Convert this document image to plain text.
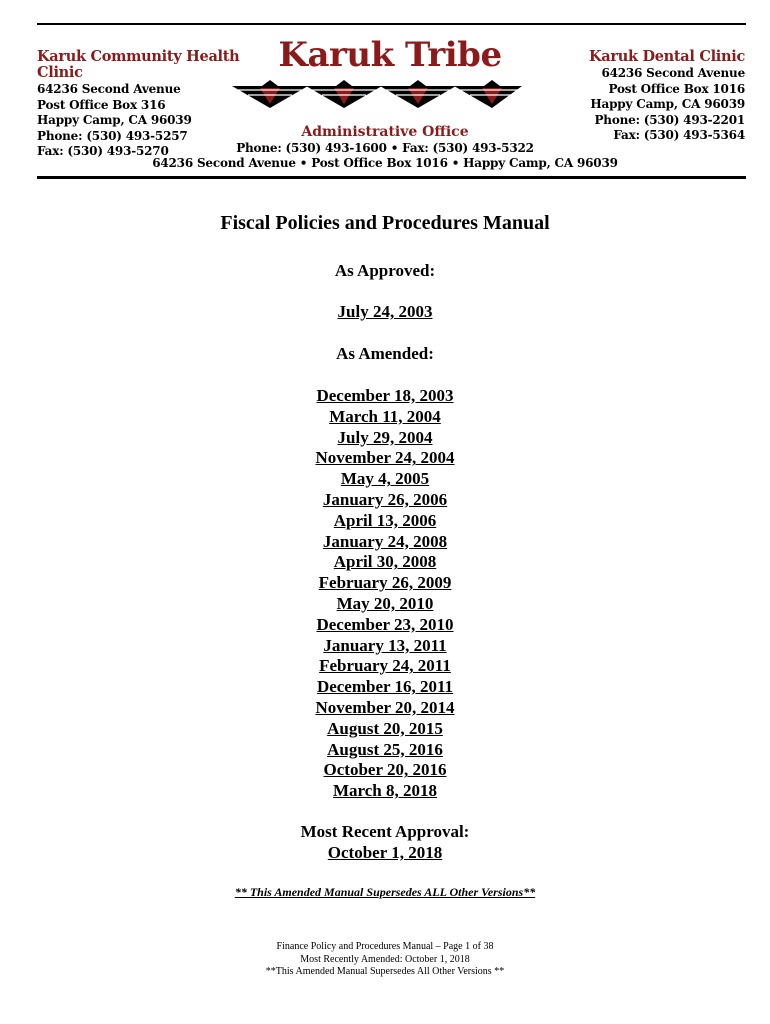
Karuk Community Health Clinic
64236 Second Avenue
Post Office Box 316
Happy Camp, CA 96039
Phone: (530) 493-5257
Fax: (530) 493-5270
Karuk Tribe
Administrative Office
Phone: (530) 493-1600 • Fax: (530) 493-5322
64236 Second Avenue • Post Office Box 1016 • Happy Camp, CA 96039
Karuk Dental Clinic
64236 Second Avenue
Post Office Box 1016
Happy Camp, CA 96039
Phone: (530) 493-2201
Fax: (530) 493-5364
Fiscal Policies and Procedures Manual
As Approved:
July 24, 2003
As Amended:
December 18, 2003
March 11, 2004
July 29, 2004
November 24, 2004
May 4, 2005
January 26, 2006
April 13, 2006
January 24, 2008
April 30, 2008
February 26, 2009
May 20, 2010
December 23, 2010
January 13, 2011
February 24, 2011
December 16, 2011
November 20, 2014
August 20, 2015
August 25, 2016
October 20, 2016
March 8, 2018
Most Recent Approval:
October 1, 2018
** This Amended Manual Supersedes ALL Other Versions**
Finance Policy and Procedures Manual – Page 1 of 38
Most Recently Amended: October 1, 2018
**This Amended Manual Supersedes All Other Versions **
